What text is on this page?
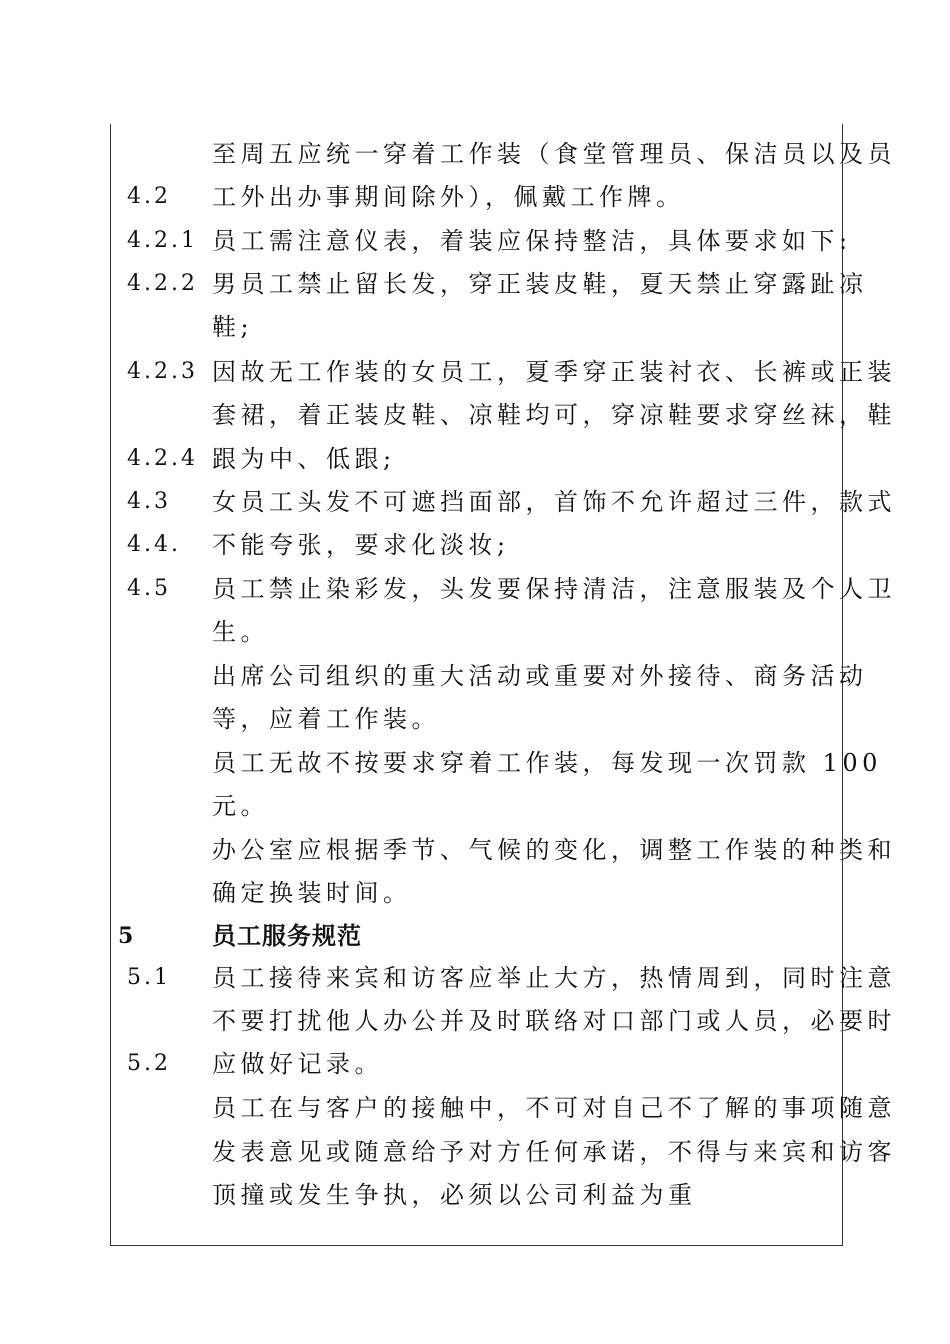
4.2
4.2.1
4.2.2
4.2.3
4.2.4
4.3
4.4.
4.5
5
5.1
5.2
至周五应统一穿着工作装（食堂管理员、保洁员以及员
工外出办事期间除外），佩戴工作牌。
员工需注意仪表，着装应保持整洁，具体要求如下:
男员工禁止留长发，穿正装皮鞋，夏天禁止穿露趾凉
鞋;
因故无工作装的女员工，夏季穿正装衬衣、长裤或正装
套裙，着正装皮鞋、凉鞋均可，穿凉鞋要求穿丝袜，鞋
跟为中、低跟;
女员工头发不可遮挡面部，首饰不允许超过三件，款式
不能夸张，要求化淡妆;
员工禁止染彩发，头发要保持清洁，注意服装及个人卫
生。
出席公司组织的重大活动或重要对外接待、商务活动
等，应着工作装。
员工无故不按要求穿着工作装，每发现一次罚款 100
元。
办公室应根据季节、气候的变化，调整工作装的种类和
确定换装时间。
员工服务规范
员工接待来宾和访客应举止大方，热情周到，同时注意
不要打扰他人办公并及时联络对口部门或人员，必要时
应做好记录。
员工在与客户的接触中，不可对自己不了解的事项随意
发表意见或随意给予对方任何承诺，不得与来宾和访客
顶撞或发生争执，必须以公司利益为重
